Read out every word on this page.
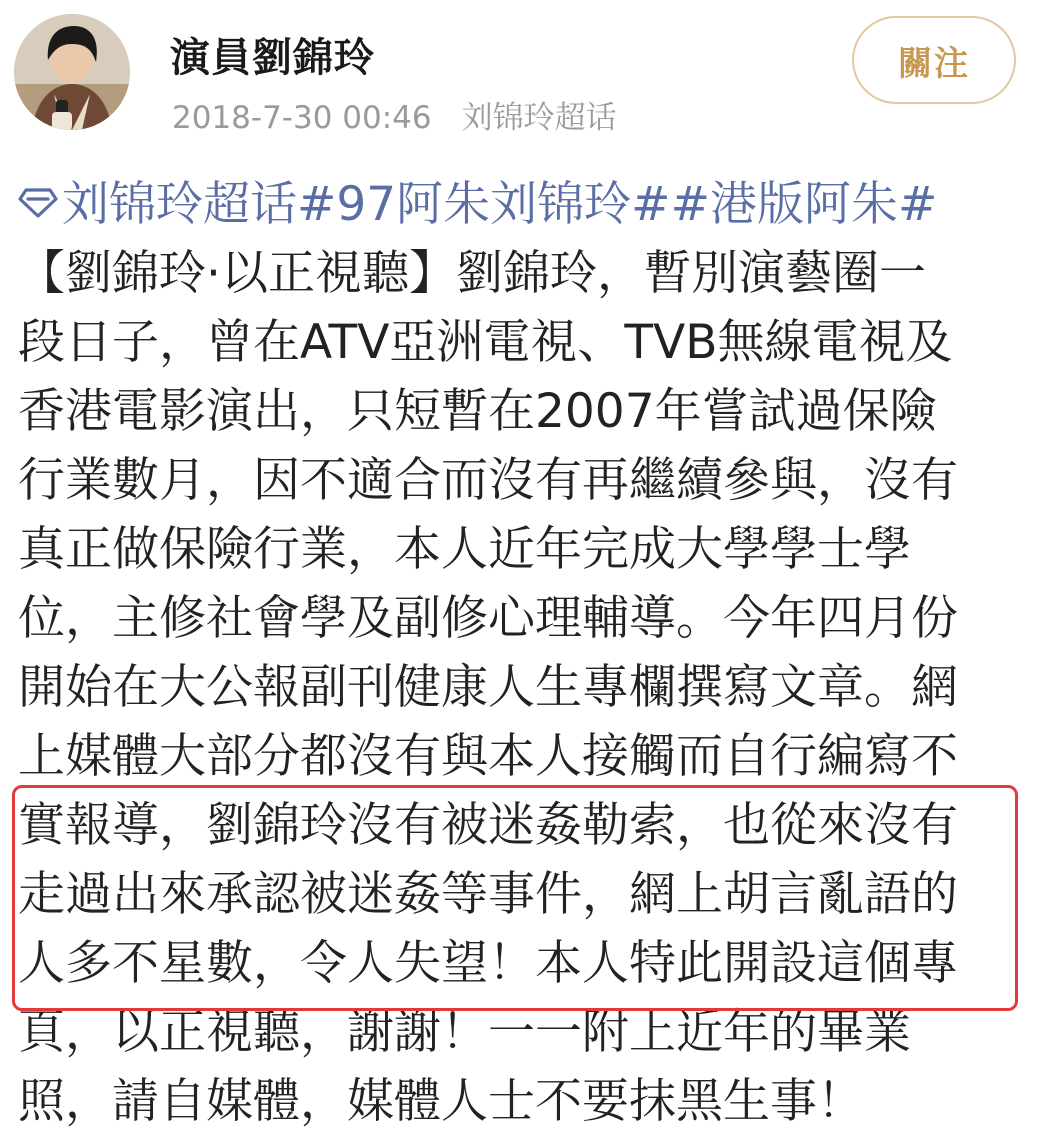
演員劉錦玲
2018-7-30 00:46 刘锦玲超话
關注
刘锦玲超话#97阿朱刘锦玲##港版阿朱#
【劉錦玲·以正視聽】劉錦玲，暫別演藝圈一
段日子，曾在ATV亞洲電視、TVB無線電視及
香港電影演出，只短暫在2007年嘗試過保險
行業數月，因不適合而沒有再繼續參與，沒有
真正做保險行業，本人近年完成大學學士學
位，主修社會學及副修心理輔導。今年四月份
開始在大公報副刊健康人生專欄撰寫文章。網
上媒體大部分都沒有與本人接觸而自行編寫不
實報導，劉錦玲沒有被迷姦勒索，也從來沒有
走過出來承認被迷姦等事件，網上胡言亂語的
人多不星數，令人失望！本人特此開設這個專
頁，以正視聽，謝謝！一一附上近年的畢業
照，請自媒體，媒體人士不要抹黑生事！
